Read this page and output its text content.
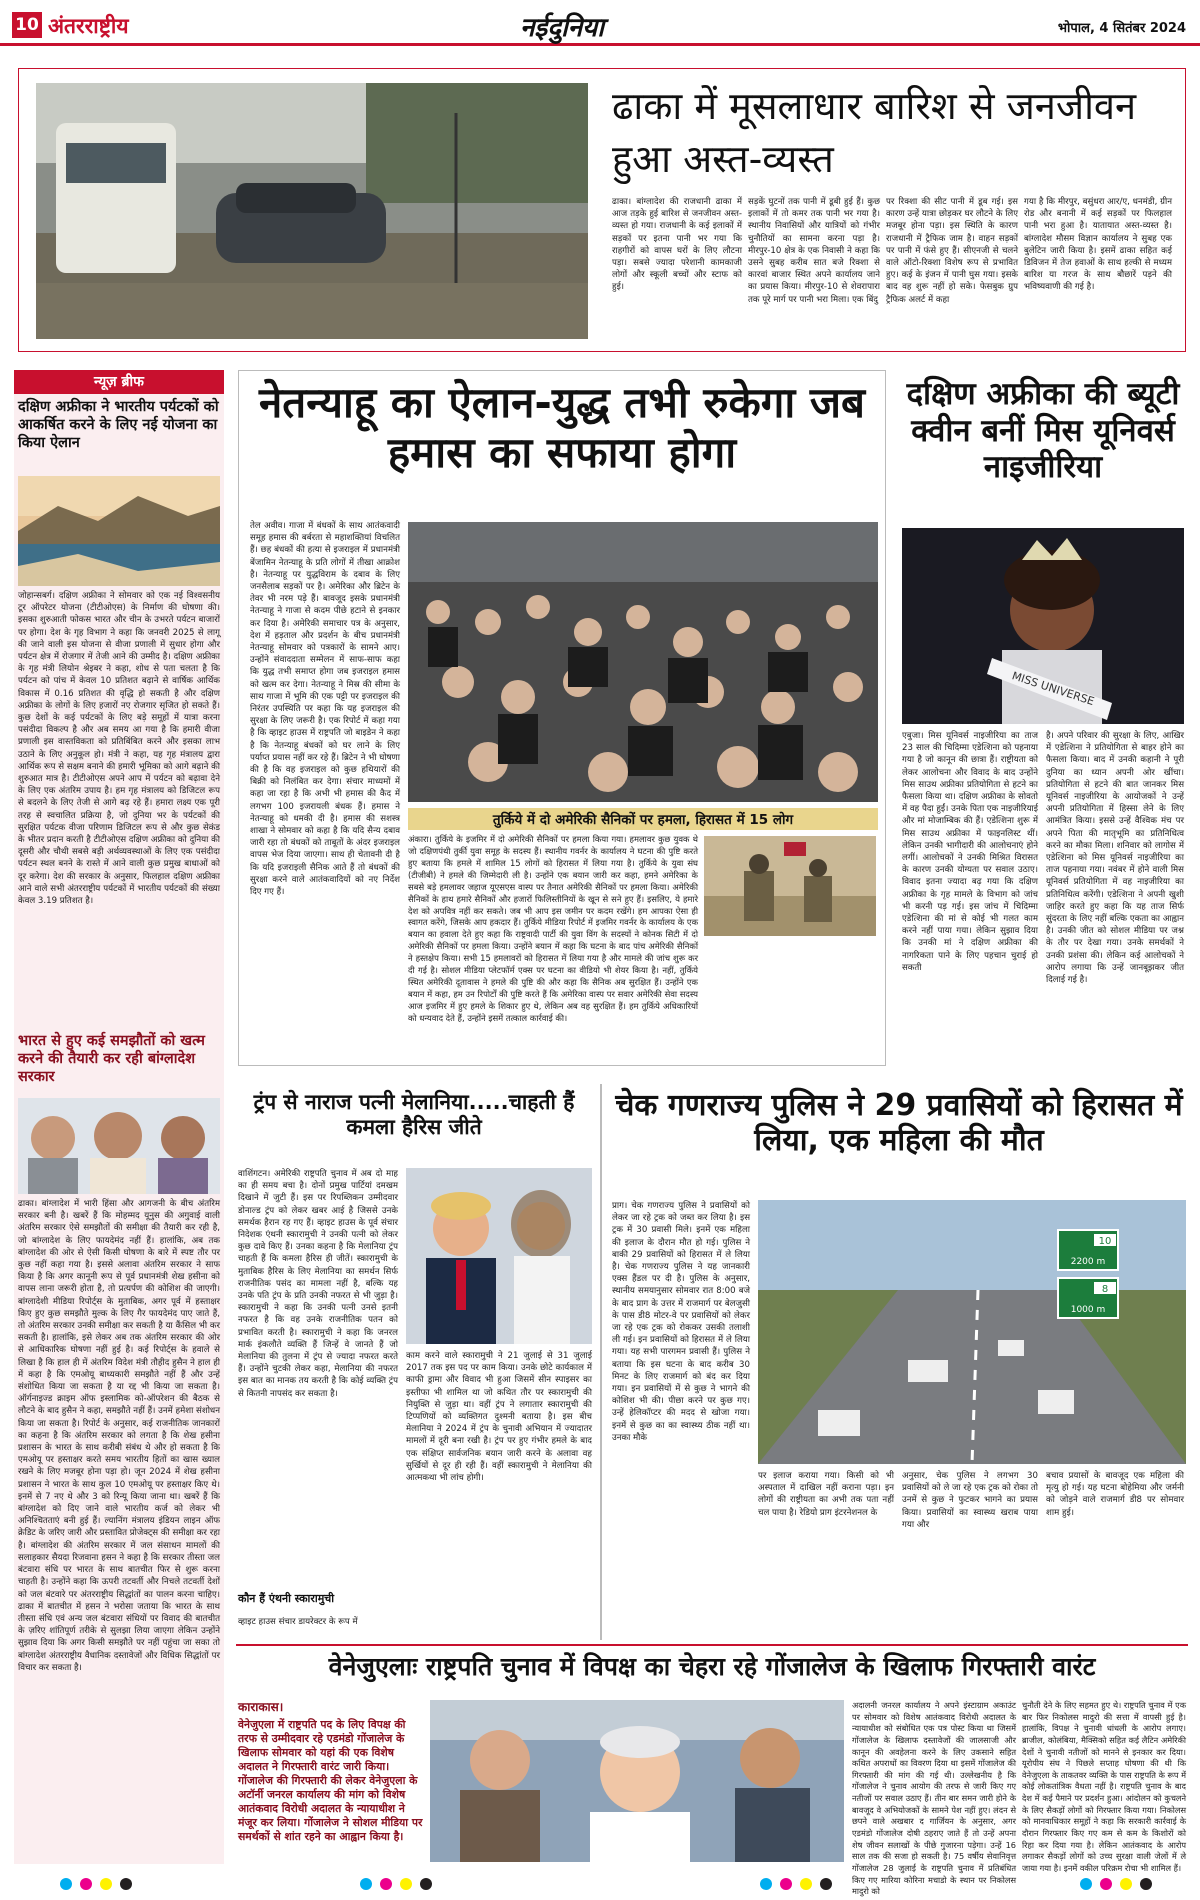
10 अंतरराष्ट्रीय	नईदुनिया	भोपाल, 4 सितंबर 2024
ढाका में मूसलाधार बारिश से जनजीवन हुआ अस्त-व्यस्त
ढाका। बांग्लादेश की राजधानी ढाका में आज तड़के हुई बारिश से जनजीवन अस्त-व्यस्त हो गया। राजधानी के कई इलाकों में सड़कों पर इतना पानी भर गया कि राहगीरों को वापस घरों के लिए लौटना पड़ा। सबसे ज्यादा परेशानी कामकाजी लोगों और स्कूली बच्चों और स्टाफ को हुई।
सड़कें घुटनों तक पानी में डूबी हुई हैं। कुछ इलाकों में तो कमर तक पानी भर गया है। स्थानीय निवासियों और यात्रियों को गंभीर चुनौतियों का सामना करना पड़ा है। मीरपुर-10 क्षेत्र के एक निवासी ने कहा कि उसने सुबह करीब सात बजे रिक्शा से कारवां बाजार स्थित अपने कार्यालय जाने का प्रयास किया। मीरपुर-10 से शेवरापारा तक पूरे मार्ग पर पानी भरा मिला। एक बिंदु
पर रिक्शा की सीट पानी में डूब गई। इस कारण उन्हें यात्रा छोड़कर घर लौटने के लिए मजबूर होना पड़ा। इस स्थिति के कारण राजधानी में ट्रैफिक जाम है। वाहन सड़कों पर पानी में फंसे हुए हैं। सीएनजी से चलने वाले ऑटो-रिक्शा विशेष रूप से प्रभावित हुए। कई के इंजन में पानी घुस गया। इसके बाद वह शुरू नहीं हो सके। फेसबुक ग्रुप ट्रैफिक अलर्ट में कहा
गया है कि मीरपुर, बसुंधरा आर/ए, धनमंडी, ग्रीन रोड और बनानी में कई सड़कों पर फिलहाल पानी भरा हुआ है। यातायात अस्त-व्यस्त है। बांग्लादेश मौसम विज्ञान कार्यालय ने सुबह एक बुलेटिन जारी किया है। इसमें ढाका सहित कई डिविजन में तेज हवाओं के साथ हल्की से मध्यम बारिश या गरज के साथ बौछारें पड़ने की भविष्यवाणी की गई है।
न्यूज़ ब्रीफ
दक्षिण अफ्रीका ने भारतीय पर्यटकों को आकर्षित करने के लिए नई योजना का किया ऐलान
जोहान्सबर्ग। दक्षिण अफ्रीका ने सोमवार को एक नई विश्वसनीय टूर ऑपरेटर योजना (टीटीओएस) के निर्माण की घोषणा की। इसका शुरुआती फोकस भारत और चीन के उभरते पर्यटन बाजारों पर होगा। देश के गृह विभाग ने कहा कि जनवरी 2025 से लागू की जाने वाली इस योजना से वीजा प्रणाली में सुधार होगा और पर्यटन क्षेत्र में रोजगार में तेजी आने की उम्मीद है। दक्षिण अफ्रीका के गृह मंत्री लियोन श्रेइबर ने कहा, शोध से पता चलता है कि पर्यटन को पांच में केवल 10 प्रतिशत बढ़ाने से वार्षिक आर्थिक विकास में 0.16 प्रतिशत की वृद्धि हो सकती है और दक्षिण अफ्रीका के लोगों के लिए हजारों नए रोजगार सृजित हो सकते हैं। कुछ देशों के कई पर्यटकों के लिए बड़े समूहों में यात्रा करना पसंदीदा विकल्प है और अब समय आ गया है कि हमारी वीजा प्रणाली इस वास्तविकता को प्रतिबिंबित करने और इसका लाभ उठाने के लिए अनुकूल हो। मंत्री ने कहा, यह गृह मंत्रालय द्वारा आर्थिक रूप से सक्षम बनाने की हमारी भूमिका को आगे बढ़ाने की शुरुआत मात्र है। टीटीओएस अपने आप में पर्यटन को बढ़ावा देने के लिए एक अंतरिम उपाय है। हम गृह मंत्रालय को डिजिटल रूप से बदलने के लिए तेजी से आगे बढ़ रहे हैं। हमारा लक्ष्य एक पूरी तरह से स्वचालित प्रक्रिया है, जो दुनिया भर के पर्यटकों की सुरक्षित पर्यटक वीजा परिणाम डिजिटल रूप से और कुछ सेकंड के भीतर प्रदान करती है टीटीओएस दक्षिण अफ्रीका को दुनिया की दूसरी और चौथी सबसे बड़ी अर्थव्यवस्थाओं के लिए एक पसंदीदा पर्यटन स्थल बनने के रास्ते में आने वाली कुछ प्रमुख बाधाओं को दूर करेगा। देश की सरकार के अनुसार, फिलहाल दक्षिण अफ्रीका आने वाले सभी अंतरराष्ट्रीय पर्यटकों में भारतीय पर्यटकों की संख्या केवल 3.19 प्रतिशत है।
भारत से हुए कई समझौतों को खत्म करने की तैयारी कर रही बांग्लादेश सरकार
ढाका। बांग्लादेश में भारी हिंसा और आगजनी के बीच अंतरिम सरकार बनी है। खबरें हैं कि मोहम्मद यूनुस की अगुवाई वाली अंतरिम सरकार ऐसे समझौतों की समीक्षा की तैयारी कर रही है, जो बांग्लादेश के लिए फायदेमंद नहीं हैं। हालांकि, अब तक बांग्लादेश की ओर से ऐसी किसी घोषणा के बारे में स्पष्ट तौर पर कुछ नहीं कहा गया है। इससे अलावा अंतरिम सरकार ने साफ किया है कि अगर कानूनी रूप से पूर्व प्रधानमंत्री शेख हसीना को वापस लाना जरूरी होता है, तो प्रत्यर्पण की कोशिश की जाएगी। बांग्लादेशी मीडिया रिपोर्ट्स के मुताबिक, अगर पूर्व में हस्ताक्षर किए हुए कुछ समझौते मुल्क के लिए गैर फायदेमंद पाए जाते हैं, तो अंतरिम सरकार उनकी समीक्षा कर सकती है या कैंसिल भी कर सकती है। हालांकि, इसे लेकर अब तक अंतरिम सरकार की ओर से आधिकारिक घोषणा नहीं हुई है। कई रिपोर्ट्स के हवाले से लिखा है कि हाल ही में अंतरिम विदेश मंत्री तौहीद हुसैन ने हाल ही में कहा है कि एमओयू बाध्यकारी समझौते नहीं हैं और उन्हें संशोधित किया जा सकता है या रद्द भी किया जा सकता है। ऑर्गनाइज्ड क्राइम ऑफ इस्लामिक को-ऑपरेशन की बैठक से लौटने के बाद हुसैन ने कहा, समझौते नहीं हैं। उनमें हमेशा संशोधन किया जा सकता है। रिपोर्ट के अनुसार, कई राजनीतिक जानकारों का कहना है कि अंतरिम सरकार को लगता है कि शेख हसीना प्रशासन के भारत के साथ करीबी संबंध थे और हो सकता है कि एमओयू पर हस्ताक्षर करते समय भारतीय हितों का खास ख्याल रखने के लिए मजबूर होना पड़ा हो। जून 2024 में शेख हसीना प्रशासन ने भारत के साथ कुल 10 एमओयू पर हस्ताक्षर किए थे। इनमें से 7 नए थे और 3 को रिन्यू किया जाना था। खबरें हैं कि बांग्लादेश को दिए जाने वाले भारतीय कर्ज को लेकर भी अनिश्चितताएं बनी हुई हैं। ल्यानिंग मंत्रालय इंडियन लाइन ऑफ क्रेडिट के जरिए जारी और प्रस्तावित प्रोजेक्ट्स की समीक्षा कर रहा है। बांग्लादेश की अंतरिम सरकार में जल संसाधन मामलों की सलाहकार सैयदा रिजवाना हसन ने कहा है कि सरकार तीस्ता जल बंटवारा संधि पर भारत के साथ बातचीत फिर से शुरू करना चाहती है। उन्होंने कहा कि ऊपरी तटवर्ती और निचले तटवर्ती देशों को जल बंटवारे पर अंतरराष्ट्रीय सिद्धांतों का पालन करना चाहिए। ढाका में बातचीत में हसन ने भरोसा जताया कि भारत के साथ तीस्ता संधि एवं अन्य जल बंटवारा संधियों पर विवाद की बातचीत के ज़रिए शांतिपूर्ण तरीके से सुलझा लिया जाएगा लेकिन उन्होंने सुझाव दिया कि अगर किसी समझौते पर नहीं पहुंचा जा सका तो बांग्लादेश अंतरराष्ट्रीय वैधानिक दस्तावेजों और विधिक सिद्धांतों पर विचार कर सकता है।
नेतन्याहू का ऐलान-युद्ध तभी रुकेगा जब हमास का सफाया होगा
तेल अवीव। गाजा में बंधकों के साथ आतंकवादी समूह हमास की बर्बरता से महाशक्तियां विचलित हैं। छह बंधकों की हत्या से इजराइल में प्रधानमंत्री बेंजामिन नेतन्याहू के प्रति लोगों में तीखा आक्रोश है। नेतन्याहू पर युद्धविराम के दबाव के लिए जनसैलाब सड़कों पर है। अमेरिका और ब्रिटेन के तेवर भी नरम पड़े हैं। बावजूद इसके प्रधानमंत्री नेतन्याहू ने गाजा से कदम पीछे हटाने से इनकार कर दिया है। अमेरिकी समाचार पत्र के अनुसार, देश में हड़ताल और प्रदर्शन के बीच प्रधानमंत्री नेतन्याहू सोमवार को पत्रकारों के सामने आए। उन्होंने संवाददाता सम्मेलन में साफ-साफ कहा कि युद्ध तभी समाप्त होगा जब इजराइल हमास को खत्म कर देगा। नेतन्याहू ने मिस्र की सीमा के साथ गाजा में भूमि की एक पट्टी पर इजराइल की निरंतर उपस्थिति पर कहा कि यह इजराइल की सुरक्षा के लिए जरूरी है। एक रिपोर्ट में कहा गया है कि व्हाइट हाउस में राष्ट्रपति जो बाइडेन ने कहा है कि नेतन्याहू बंधकों को घर लाने के लिए पर्याप्त प्रयास नहीं कर रहे हैं। ब्रिटेन ने भी घोषणा की है कि वह इजराइल को कुछ हथियारों की बिक्री को निलंबित कर देगा। संचार माध्यमों में कहा जा रहा है कि अभी भी हमास की कैद में लगभग 100 इजरायली बंधक हैं। हमास ने नेतन्याहू को धमकी दी है। हमास की सशस्त्र शाखा ने सोमवार को कहा है कि यदि सैन्य दबाव जारी रहा तो बंधकों को ताबूतों के अंदर इजराइल वापस भेज दिया जाएगा। साथ ही चेतावनी दी है कि यदि इजराइली सैनिक आते हैं तो बंधकों की सुरक्षा करने वाले आतंकवादियों को नए निर्देश दिए गए हैं।
तुर्किये में दो अमेरिकी सैनिकों पर हमला, हिरासत में 15 लोग
अंकारा। तुर्किये के इजमिर में दो अमेरिकी सैनिकों पर हमला किया गया। हमलावर कुछ युवक थे जो दक्षिणपंथी तुर्की युवा समूह के सदस्य हैं। स्थानीय गवर्नर के कार्यालय ने घटना की पुष्टि करते हुए बताया कि हमले में शामिल 15 लोगों को हिरासत में लिया गया है। तुर्किये के युवा संघ (टीजीबी) ने हमले की जिम्मेदारी ली है। उन्होंने एक बयान जारी कर कहा, हमने अमेरिका के सबसे बड़े हमलावर जहाज यूएसएस वास्प पर तैनात अमेरिकी सैनिकों पर हमला किया। अमेरिकी सैनिकों के हाथ हमारे सैनिकों और हजारों फिलिस्तीनियों के खून से सने हुए हैं। इसलिए, ये हमारे देश को अपवित्र नहीं कर सकते। जब भी आप इस जमीन पर कदम रखेंगे। हम आपका ऐसा ही स्वागत करेंगे, जिसके आप हकदार हैं। तुर्किये मीडिया रिपोर्ट में इजमिर गवर्नर के कार्यालय के एक बयान का हवाला देते हुए कहा कि राष्ट्रवादी पार्टी की युवा विंग के सदस्यों ने कोनक सिटी में दो अमेरिकी सैनिकों पर हमला किया। उन्होंने बयान में कहा कि घटना के बाद पांच अमेरिकी सैनिकों ने हस्तक्षेप किया। सभी 15 हमलावरों को हिरासत में लिया गया है और मामले की जांच शुरू कर दी गई है। सोशल मीडिया प्लेटफॉर्म एक्स पर घटना का वीडियो भी शेयर किया है। नहीं, तुर्किये स्थित अमेरिकी दूतावास ने हमले की पुष्टि की और कहा कि सैनिक अब सुरक्षित हैं। उन्होंने एक बयान में कहा, हम उन रिपोर्टों की पुष्टि करते हैं कि अमेरिका वास्प पर सवार अमेरिकी सेवा सदस्य आज इजमिर में हुए हमले के शिकार हुए थे, लेकिन अब वह सुरक्षित हैं। हम तुर्किये अधिकारियों को धन्यवाद देते हैं, उन्होंने इसमें तत्काल कार्रवाई की।
दक्षिण अफ्रीका की ब्यूटी क्वीन बनीं मिस यूनिवर्स नाइजीरिया
MISS UNIVERSE
एबुजा। मिस यूनिवर्स नाइजीरिया का ताज 23 साल की चिदिम्मा एडेत्शिना को पहनाया गया है जो कानून की छात्रा हैं। राष्ट्रीयता को लेकर आलोचना और विवाद के बाद उन्होंने मिस साउथ अफ्रीका प्रतियोगिता से हटने का फैसला किया था। दक्षिण अफ्रीका के सोवतो में वह पैदा हुईं। उनके पिता एक नाइजीरियाई और मां मोजाम्बिक की हैं। एडेत्शिना शुरू में मिस साउथ अफ्रीका में फाइनलिस्ट थीं। लेकिन उनकी भागीदारी की आलोचनाएं होने लगीं। आलोचकों ने उनकी मिश्रित विरासत के कारण उनकी योग्यता पर सवाल उठाए। विवाद इतना ज्यादा बढ़ गया कि दक्षिण अफ्रीका के गृह मामले के विभाग को जांच भी करनी पड़ गई। इस जांच में चिदिम्मा एडेत्शिना की मां से कोई भी गलत काम करने नहीं पाया गया। लेकिन सुझाव दिया कि उनकी मां ने दक्षिण अफ्रीका की नागरिकता पाने के लिए पहचान चुराई हो सकती
है। अपने परिवार की सुरक्षा के लिए, आखिर में एडेत्शिना ने प्रतियोगिता से बाहर होने का फैसला किया। बाद में उनकी कहानी ने पूरी दुनिया का ध्यान अपनी ओर खींचा। प्रतियोगिता से हटने की बात जानकर मिस यूनिवर्स नाइजीरिया के आयोजकों ने उन्हें अपनी प्रतियोगिता में हिस्सा लेने के लिए आमंत्रित किया। इससे उन्हें वैश्विक मंच पर अपने पिता की मातृभूमि का प्रतिनिधित्व करने का मौका मिला। शनिवार को लागोस में एडेत्शिना को मिस यूनिवर्स नाइजीरिया का ताज पहनाया गया। नवंबर में होने वाली मिस यूनिवर्स प्रतियोगिता में वह नाइजीरिया का प्रतिनिधित्व करेंगी। एडेत्शिना ने अपनी खुशी जाहिर करते हुए कहा कि यह ताज सिर्फ सुंदरता के लिए नहीं बल्कि एकता का आह्वान है। उनकी जीत को सोशल मीडिया पर जश्न के तौर पर देखा गया। उनके समर्थकों ने उनकी प्रशंसा की। लेकिन कई आलोचकों ने आरोप लगाया कि उन्हें जानबूझकर जीत दिलाई गई है।
ट्रंप से नाराज पत्नी मेलानिया.....चाहती हैं कमला हैरिस जीते
वाशिंगटन। अमेरिकी राष्ट्रपति चुनाव में अब दो माह का ही समय बचा है। दोनों प्रमुख पार्टियां दमखम दिखाने में जुटी हैं। इस पर रिपब्लिकन उम्मीदवार डोनाल्ड ट्रंप को लेकर खबर आई है जिससे उनके समर्थक हैरान रह गए हैं। व्हाइट हाउस के पूर्व संचार निदेशक एंथनी स्कारामुची ने उनकी पत्नी को लेकर कुछ दावे किए हैं। उनका कहना है कि मेलानिया ट्रंप चाहती हैं कि कमला हैरिस ही जीतें। स्कारामुची के मुताबिक हैरिस के लिए मेलानिया का समर्थन सिर्फ राजनीतिक पसंद का मामला नहीं है, बल्कि यह उनके पति ट्रंप के प्रति उनकी नफरत से भी जुड़ा है। स्कारामुची ने कहा कि उनकी पत्नी उनसे इतनी नफरत है कि वह उनके राजनीतिक पतन को प्रभावित करती है। स्कारामुची ने कहा कि जनरल मार्क इंकलौते व्यक्ति हैं जिन्हें वे जानते हैं जो मेलानिया की तुलना में ट्रंप से ज्यादा नफरत करते हैं। उन्होंने चुटकी लेकर कहा, मेलानिया की नफरत इस बात का मानक तय करती है कि कोई व्यक्ति ट्रंप से कितनी नापसंद कर सकता है।
काम करने वाले स्कारामुची ने 21 जुलाई से 31 जुलाई 2017 तक इस पद पर काम किया। उनके छोटे कार्यकाल में काफी ड्रामा और विवाद भी हुआ जिसमें सीन स्पाइसर का इस्तीफा भी शामिल था जो कथित तौर पर स्कारामुची की नियुक्ति से जुड़ा था। वहीं ट्रंप ने लगातार स्कारामुची की टिप्पणियों को व्यक्तिगत दुश्मनी बताया है। इस बीच मेलानिया ने 2024 में ट्रंप के चुनावी अभियान में ज्यादातर मामलों में दूरी बना रखी है। ट्रंप पर हुए गंभीर हमले के बाद एक संक्षिप्त सार्वजनिक बयान जारी करने के अलावा वह सुर्खियों से दूर ही रही हैं। वहीं स्कारामुची ने मेलानिया की आत्मकथा भी लांच होगी।
कौन हैं एंथनी स्कारामुची
व्हाइट हाउस संचार डायरेक्टर के रूप में
चेक गणराज्य पुलिस ने 29 प्रवासियों को हिरासत में लिया, एक महिला की मौत
प्राग। चेक गणराज्य पुलिस ने प्रवासियों को लेकर जा रहे ट्रक को जब्त कर लिया है। इस ट्रक में 30 प्रवासी मिले। इनमें एक महिला की इलाज के दौरान मौत हो गई। पुलिस ने बाकी 29 प्रवासियों को हिरासत में ले लिया है। चेक गणराज्य पुलिस ने यह जानकारी एक्स हैंडल पर दी है। पुलिस के अनुसार, स्थानीय समयानुसार सोमवार रात 8:00 बजे के बाद प्राग के उत्तर में राजमार्ग पर बेलजुसी के पास डी8 मोटर-वे पर प्रवासियों को लेकर जा रहे एक ट्रक को रोककर उसकी तलाशी ली गई। इन प्रवासियों को हिरासत में ले लिया गया। यह सभी पारगमन प्रवासी हैं। पुलिस ने बताया कि इस घटना के बाद करीब 30 मिनट के लिए राजमार्ग को बंद कर दिया गया। इन प्रवासियों में से कुछ ने भागने की कोशिश भी की। पीछा करने पर कुछ गए। उन्हें हेलिकॉप्टर की मदद से खोजा गया। इनमें से कुछ का का स्वास्थ्य ठीक नहीं था। उनका मौके
10
2200 m
8
1000 m
पर इलाज कराया गया। किसी को भी अस्पताल में दाखिल नहीं कराना पड़ा। इन लोगों की राष्ट्रीयता का अभी तक पता नहीं चल पाया है। रेडियो प्राग इंटरनेशनल के
अनुसार, चेक पुलिस ने लगभग 30 प्रवासियों को ले जा रहे एक ट्रक को रोका तो उनमें से कुछ ने फुटकर भागने का प्रयास किया। प्रवासियों का स्वास्थ्य खराब पाया गया और
बचाव प्रयासों के बावजूद एक महिला की मृत्यु हो गई। यह घटना बोहेमिया और जर्मनी को जोड़ने वाले राजमार्ग डी8 पर सोमवार शाम हुई।
वेनेजुएलाः राष्ट्रपति चुनाव में विपक्ष का चेहरा रहे गोंजालेज के खिलाफ गिरफ्तारी वारंट
काराकास।
वेनेजुएला में राष्ट्रपति पद के लिए विपक्ष की तरफ से उम्मीदवार रहे एडमंडो गोंजालेज के खिलाफ सोमवार को यहां की एक विशेष अदालत ने गिरफ्तारी वारंट जारी किया। गोंजालेज की गिरफ्तारी की लेकर वेनेजुएला के अटॉर्नी जनरल कार्यालय की मांग को विशेष आतंकवाद विरोधी अदालत के न्यायाधीश ने मंजूर कर लिया। गोंजालेज ने सोशल मीडिया पर समर्थकों से शांत रहने का आह्वान किया है।
अदालनी जनरल कार्यालय ने अपने इंस्टाग्राम अकाउंट पर सोमवार को विशेष आतंकवाद विरोधी अदालत के न्यायाधीश को संबोधित एक पत्र पोस्ट किया था जिसमें गोंजालेज के खिलाफ दस्तावेजों की जालसाजी और कानून की अवहेलना करने के लिए उकसाने सहित कथित अपराधों का विवरण दिया था इसमें गोंजालेज की गिरफ्तारी की मांग की गई थी। उल्लेखनीय है कि गोंजालेज ने चुनाव आयोग की तरफ से जारी किए गए नतीजों पर सवाल उठाए हैं। तीन बार समन जारी होने के बावजूद वे अभियोजकों के सामने पेश नहीं हुए। लंदन से छपने वाले अखबार द गार्जियन के अनुसार, अगर एडमंडो गोंजालेज दोषी ठहराए जाते हैं तो उन्हें अपना शेष जीवन सलाखों के पीछे गुजारना पड़ेगा। उन्हें 16 साल तक की सजा हो सकती है। 75 वर्षीय सेवानिवृत्त गोंजालेज 28 जुलाई के राष्ट्रपति चुनाव में प्रतिबंधित किए गए मारिया कोरिना मचाडो के स्थान पर निकोलस मादुरो को
चुनौती देने के लिए सहमत हुए थे। राष्ट्रपति चुनाव में एक बार फिर निकोलस मादुरो की सत्ता में वापसी हुई है। हालांकि, विपक्ष ने चुनावी धांधली के आरोप लगाए। ब्राजील, कोलंबिया, मैक्सिको सहित कई लैटिन अमेरिकी देशों ने चुनावी नतीजों को मानने से इनकार कर दिया। यूरोपीय संघ ने पिछले सप्ताह घोषणा की थी कि वेनेजुएला के ताकतवर व्यक्ति के पास राष्ट्रपति के रूप में कोई लोकतांत्रिक वैधता नहीं है। राष्ट्रपति चुनाव के बाद देश में कई पैमाने पर प्रदर्शन हुआ। आंदोलन को कुचलने के लिए सैकड़ों लोगों को गिरफ्तार किया गया। निकोलस को मानवाधिकार समूहों ने कहा कि सरकारी कार्रवाई के दौरान गिरफ्तार किए गए कम से कम के किशोरों को रिहा कर दिया गया है। लेकिन आतंकवाद के आरोप लगाकर सैकड़ों लोगों को उच्च सुरक्षा वाली जेलों में ले जाया गया है। इनमें वकील परिक्रम रोचा भी शामिल हैं।
